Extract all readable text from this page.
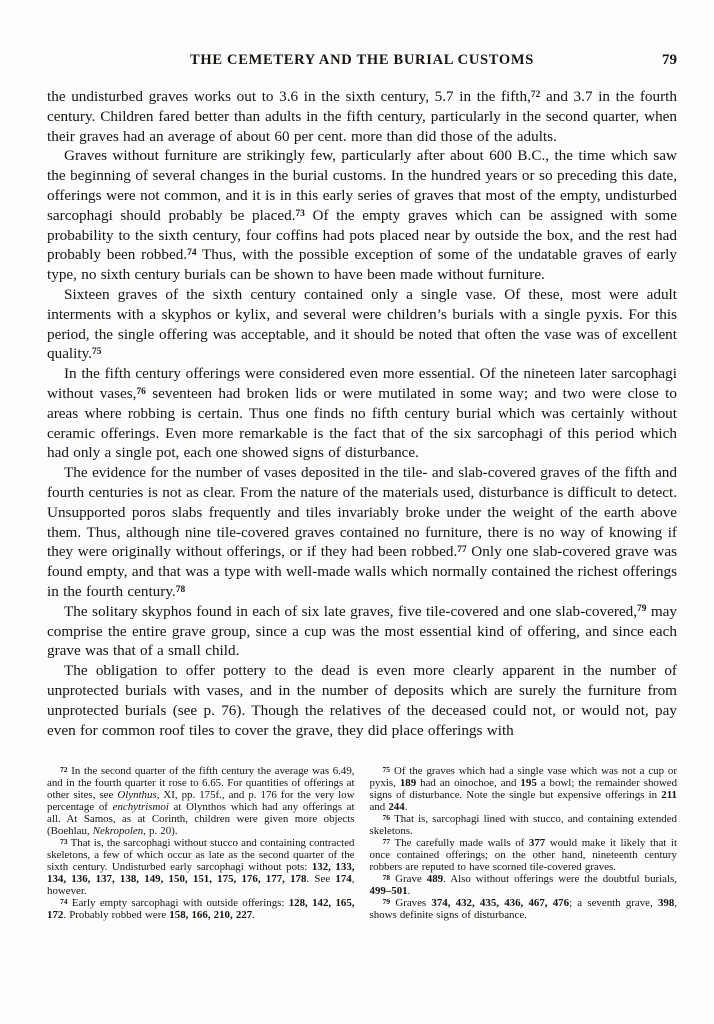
THE CEMETERY AND THE BURIAL CUSTOMS	79

the undisturbed graves works out to 3.6 in the sixth century, 5.7 in the fifth,$^{72}$ and 3.7 in the fourth century. Children fared better than adults in the fifth century, particularly in the second quarter, when their graves had an average of about 60 per cent. more than did those of the adults.

Graves without furniture are strikingly few, particularly after about 600 B.C., the time which saw the beginning of several changes in the burial customs. In the hundred years or so preceding this date, offerings were not common, and it is in this early series of graves that most of the empty, undisturbed sarcophagi should probably be placed.$^{73}$ Of the empty graves which can be assigned with some probability to the sixth century, four coffins had pots placed near by outside the box, and the rest had probably been robbed.$^{74}$ Thus, with the possible exception of some of the undatable graves of early type, no sixth century burials can be shown to have been made without furniture.

Sixteen graves of the sixth century contained only a single vase. Of these, most were adult interments with a skyphos or kylix, and several were children’s burials with a single pyxis. For this period, the single offering was acceptable, and it should be noted that often the vase was of excellent quality.$^{75}$

In the fifth century offerings were considered even more essential. Of the nineteen later sarcophagi without vases,$^{76}$ seventeen had broken lids or were mutilated in some way; and two were close to areas where robbing is certain. Thus one finds no fifth century burial which was certainly without ceramic offerings. Even more remarkable is the fact that of the six sarcophagi of this period which had only a single pot, each one showed signs of disturbance.

The evidence for the number of vases deposited in the tile- and slab-covered graves of the fifth and fourth centuries is not as clear. From the nature of the materials used, disturbance is difficult to detect. Unsupported poros slabs frequently and tiles invariably broke under the weight of the earth above them. Thus, although nine tile-covered graves contained no furniture, there is no way of knowing if they were originally without offerings, or if they had been robbed.$^{77}$ Only one slab-covered grave was found empty, and that was a type with well-made walls which normally contained the richest offerings in the fourth century.$^{78}$

The solitary skyphos found in each of six late graves, five tile-covered and one slab-covered,$^{79}$ may comprise the entire grave group, since a cup was the most essential kind of offering, and since each grave was that of a small child.

The obligation to offer pottery to the dead is even more clearly apparent in the number of unprotected burials with vases, and in the number of deposits which are surely the furniture from unprotected burials (see p. 76). Though the relatives of the deceased could not, or would not, pay even for common roof tiles to cover the grave, they did place offerings with

$^{72}$ In the second quarter of the fifth century the average was 6.49, and in the fourth quarter it rose to 6.65. For quantities of offerings at other sites, see Olynthus, XI, pp. 175f., and p. 176 for the very low percentage of enchytrismoi at Olynthos which had any offerings at all. At Samos, as at Corinth, children were given more objects (Boehlau, Nekropolen, p. 20).

$^{73}$ That is, the sarcophagi without stucco and containing contracted skeletons, a few of which occur as late as the second quarter of the sixth century. Undisturbed early sarcophagi without pots: 132, 133, 134, 136, 137, 138, 149, 150, 151, 175, 176, 177, 178. See 174, however.

$^{74}$ Early empty sarcophagi with outside offerings: 128, 142, 165, 172. Probably robbed were 158, 166, 210, 227.

$^{75}$ Of the graves which had a single vase which was not a cup or pyxis, 189 had an oinochoe, and 195 a bowl; the remainder showed signs of disturbance. Note the single but expensive offerings in 211 and 244.

$^{76}$ That is, sarcophagi lined with stucco, and containing extended skeletons.

$^{77}$ The carefully made walls of 377 would make it likely that it once contained offerings; on the other hand, nineteenth century robbers are reputed to have scorned tile-covered graves.

$^{78}$ Grave 489. Also without offerings were the doubtful burials, 499–501.

$^{79}$ Graves 374, 432, 435, 436, 467, 476; a seventh grave, 398, shows definite signs of disturbance.
